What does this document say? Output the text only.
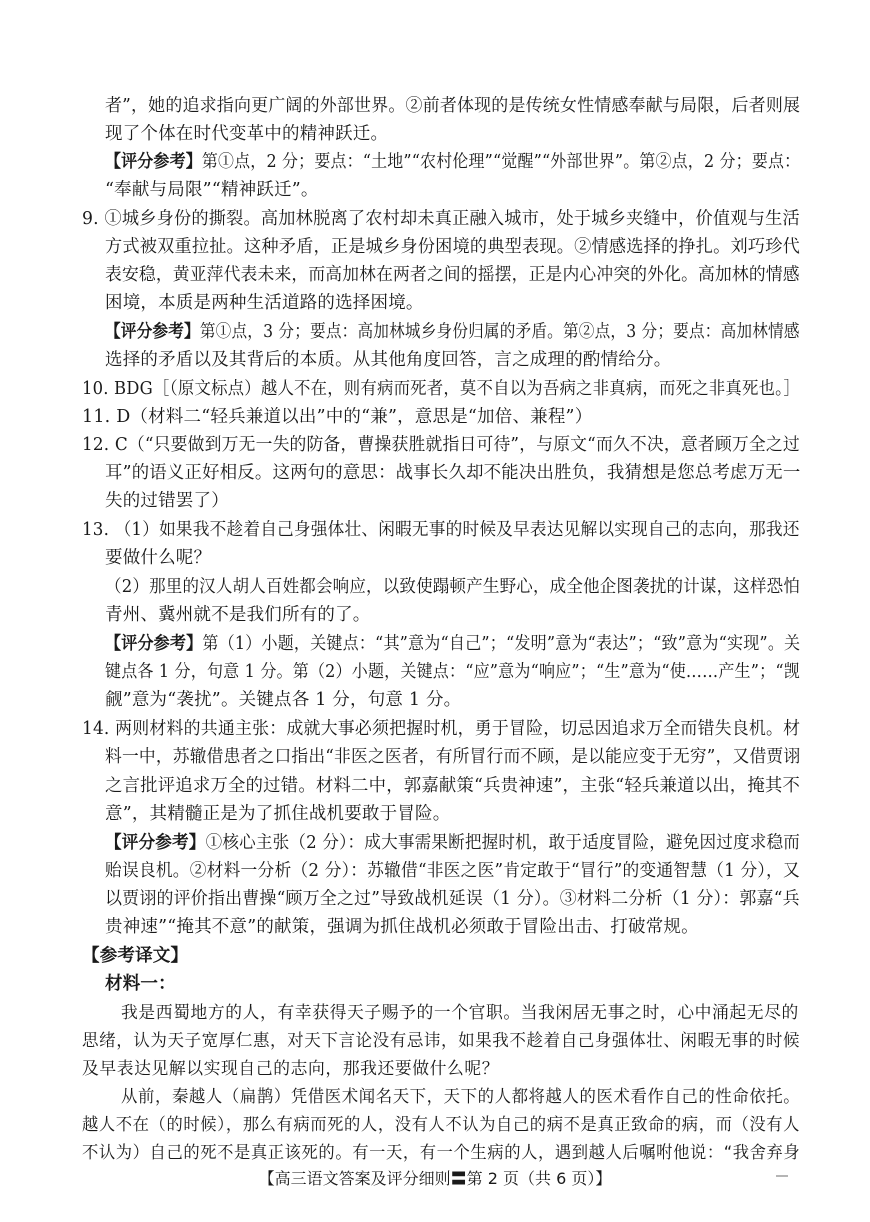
者”，她的追求指向更广阔的外部世界。②前者体现的是传统女性情感奉献与局限，后者则展
现了个体在时代变革中的精神跃迁。
【评分参考】第①点，2 分；要点：“土地”“农村伦理”“觉醒”“外部世界”。第②点，2 分；要点：
“奉献与局限”“精神跃迁”。
9. ①城乡身份的撕裂。高加林脱离了农村却未真正融入城市，处于城乡夹缝中，价值观与生活
方式被双重拉扯。这种矛盾，正是城乡身份困境的典型表现。②情感选择的挣扎。刘巧珍代
表安稳，黄亚萍代表未来，而高加林在两者之间的摇摆，正是内心冲突的外化。高加林的情感
困境，本质是两种生活道路的选择困境。
【评分参考】第①点，3 分；要点：高加林城乡身份归属的矛盾。第②点，3 分；要点：高加林情感
选择的矛盾以及其背后的本质。从其他角度回答，言之成理的酌情给分。
10. BDG［（原文标点）越人不在，则有病而死者，莫不自以为吾病之非真病，而死之非真死也。］
11. D（材料二“轻兵兼道以出”中的“兼”，意思是“加倍、兼程”）
12. C（“只要做到万无一失的防备，曹操获胜就指日可待”，与原文“而久不决，意者顾万全之过
耳”的语义正好相反。这两句的意思：战事长久却不能决出胜负，我猜想是您总考虑万无一
失的过错罢了）
13. （1）如果我不趁着自己身强体壮、闲暇无事的时候及早表达见解以实现自己的志向，那我还
要做什么呢？
（2）那里的汉人胡人百姓都会响应，以致使蹋顿产生野心，成全他企图袭扰的计谋，这样恐怕
青州、冀州就不是我们所有的了。
【评分参考】第（1）小题，关键点：“其”意为“自己”；“发明”意为“表达”；“致”意为“实现”。关
键点各 1 分，句意 1 分。第（2）小题，关键点：“应”意为“响应”；“生”意为“使……产生”；“觊
觎”意为“袭扰”。关键点各 1 分，句意 1 分。
14. 两则材料的共通主张：成就大事必须把握时机，勇于冒险，切忌因追求万全而错失良机。材
料一中，苏辙借患者之口指出“非医之医者，有所冒行而不顾，是以能应变于无穷”，又借贾诩
之言批评追求万全的过错。材料二中，郭嘉献策“兵贵神速”，主张“轻兵兼道以出，掩其不
意”，其精髓正是为了抓住战机要敢于冒险。
【评分参考】①核心主张（2 分）：成大事需果断把握时机，敢于适度冒险，避免因过度求稳而
贻误良机。②材料一分析（2 分）：苏辙借“非医之医”肯定敢于“冒行”的变通智慧（1 分），又
以贾诩的评价指出曹操“顾万全之过”导致战机延误（1 分）。③材料二分析（1 分）：郭嘉“兵
贵神速”“掩其不意”的献策，强调为抓住战机必须敢于冒险出击、打破常规。
【参考译文】
材料一：
我是西蜀地方的人，有幸获得天子赐予的一个官职。当我闲居无事之时，心中涌起无尽的
思绪，认为天子宽厚仁惠，对天下言论没有忌讳，如果我不趁着自己身强体壮、闲暇无事的时候
及早表达见解以实现自己的志向，那我还要做什么呢？
从前，秦越人（扁鹊）凭借医术闻名天下，天下的人都将越人的医术看作自己的性命依托。
越人不在（的时候），那么有病而死的人，没有人不认为自己的病不是真正致命的病，而（没有人
不认为）自己的死不是真正该死的。有一天，有一个生病的人，遇到越人后嘱咐他说：“我舍弃身
【高三语文答案及评分细则〓第 2 页（共 6 页）】
